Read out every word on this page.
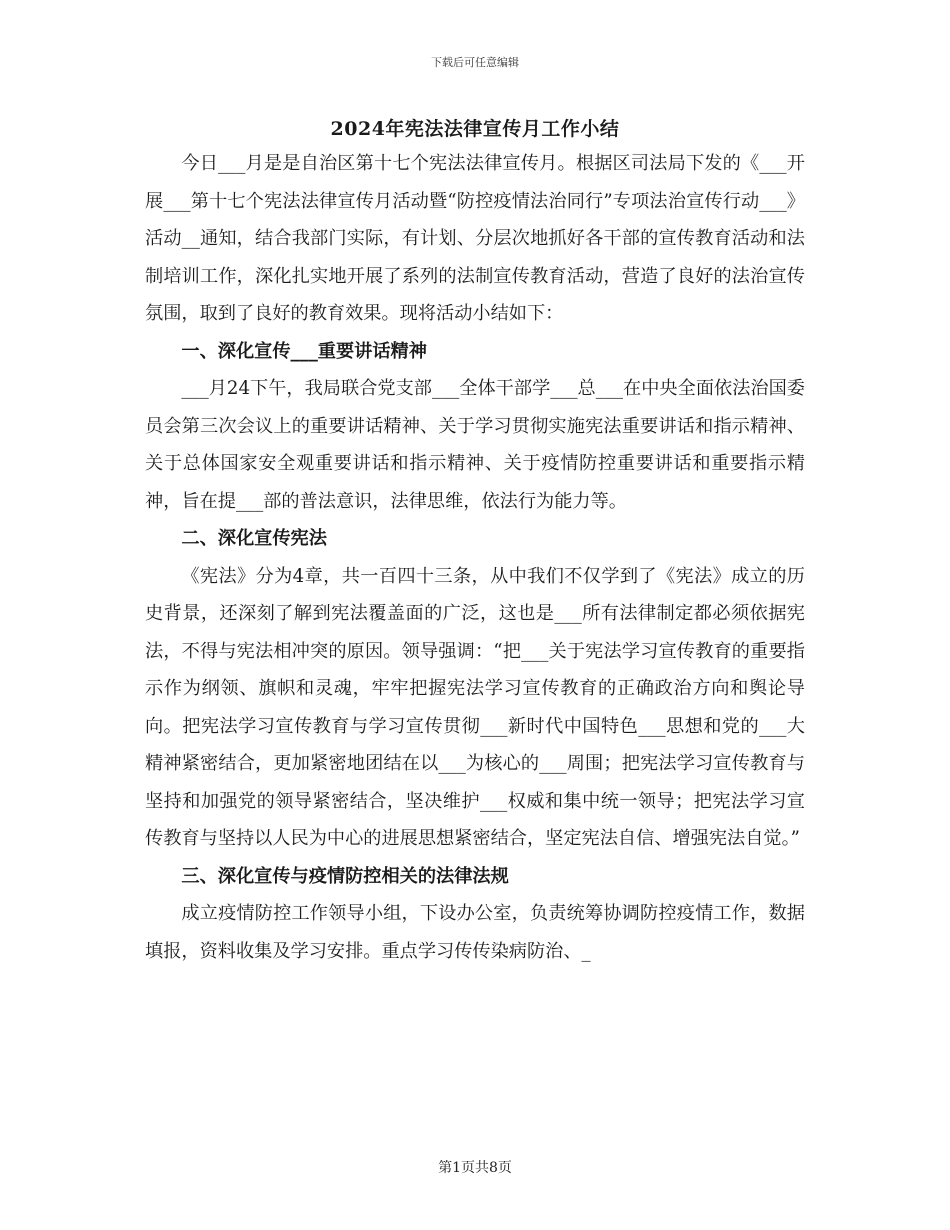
下载后可任意编辑
2024年宪法法律宣传月工作小结

今日___月是是自治区第十七个宪法法律宣传月。根据区司法局下发的《___开展___第十七个宪法法律宣传月活动暨“防控疫情法治同行”专项法治宣传行动___》活动__通知，结合我部门实际，有计划、分层次地抓好各干部的宣传教育活动和法制培训工作，深化扎实地开展了系列的法制宣传教育活动，营造了良好的法治宣传氛围，取到了良好的教育效果。现将活动小结如下：

一、深化宣传___重要讲话精神

___月24下午，我局联合党支部___全体干部学___总___在中央全面依法治国委员会第三次会议上的重要讲话精神、关于学习贯彻实施宪法重要讲话和指示精神、关于总体国家安全观重要讲话和指示精神、关于疫情防控重要讲话和重要指示精神，旨在提___部的普法意识，法律思维，依法行为能力等。

二、深化宣传宪法

《宪法》分为4章，共一百四十三条，从中我们不仅学到了《宪法》成立的历史背景，还深刻了解到宪法覆盖面的广泛，这也是___所有法律制定都必须依据宪法，不得与宪法相冲突的原因。领导强调：“把___关于宪法学习宣传教育的重要指示作为纲领、旗帜和灵魂，牢牢把握宪法学习宣传教育的正确政治方向和舆论导向。把宪法学习宣传教育与学习宣传贯彻___新时代中国特色___思想和党的___大精神紧密结合，更加紧密地团结在以___为核心的___周围；把宪法学习宣传教育与坚持和加强党的领导紧密结合，坚决维护___权威和集中统一领导；把宪法学习宣传教育与坚持以人民为中心的进展思想紧密结合，坚定宪法自信、增强宪法自觉。”

三、深化宣传与疫情防控相关的法律法规

成立疫情防控工作领导小组，下设办公室，负责统筹协调防控疫情工作，数据填报，资料收集及学习安排。重点学习传传染病防治、_

第1页共8页
